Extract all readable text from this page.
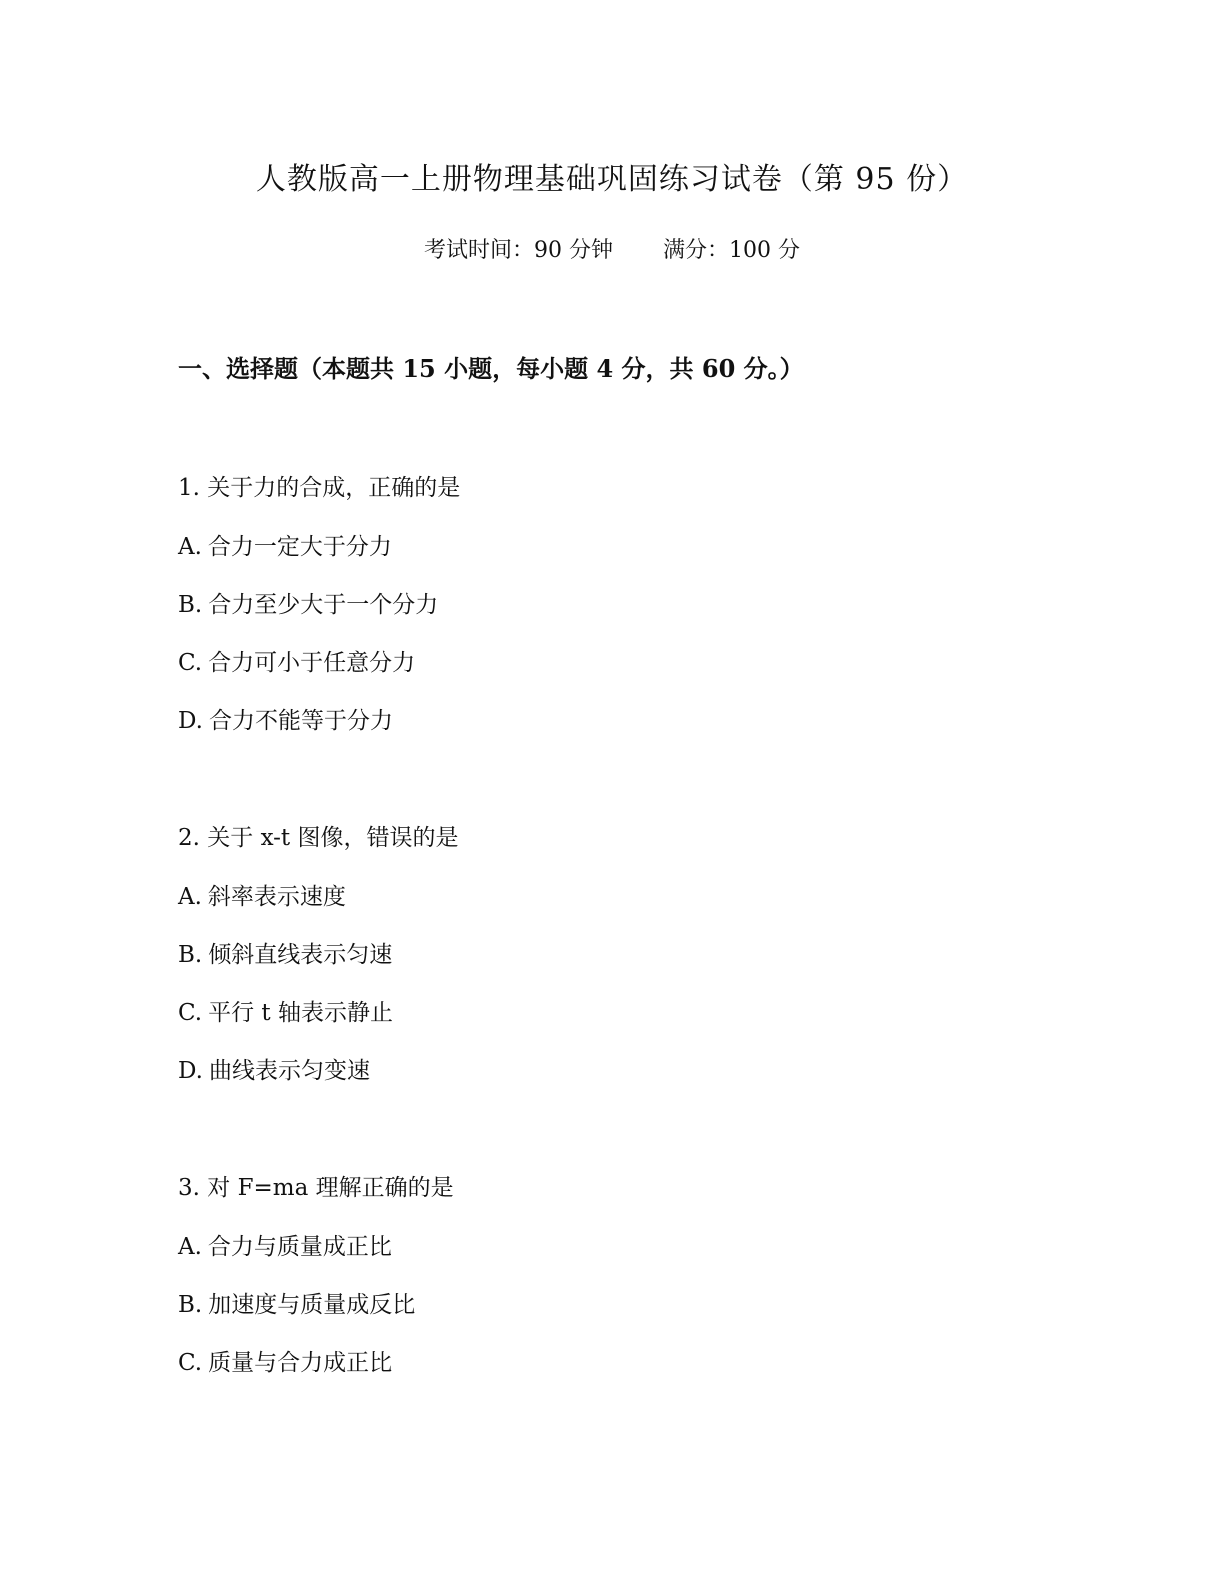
人教版高一上册物理基础巩固练习试卷（第 95 份）
考试时间：90 分钟 满分：100 分
一、选择题（本题共 15 小题，每小题 4 分，共 60 分。）
1. 关于力的合成，正确的是
A. 合力一定大于分力
B. 合力至少大于一个分力
C. 合力可小于任意分力
D. 合力不能等于分力
2. 关于 x-t 图像，错误的是
A. 斜率表示速度
B. 倾斜直线表示匀速
C. 平行 t 轴表示静止
D. 曲线表示匀变速
3. 对 F=ma 理解正确的是
A. 合力与质量成正比
B. 加速度与质量成反比
C. 质量与合力成正比
